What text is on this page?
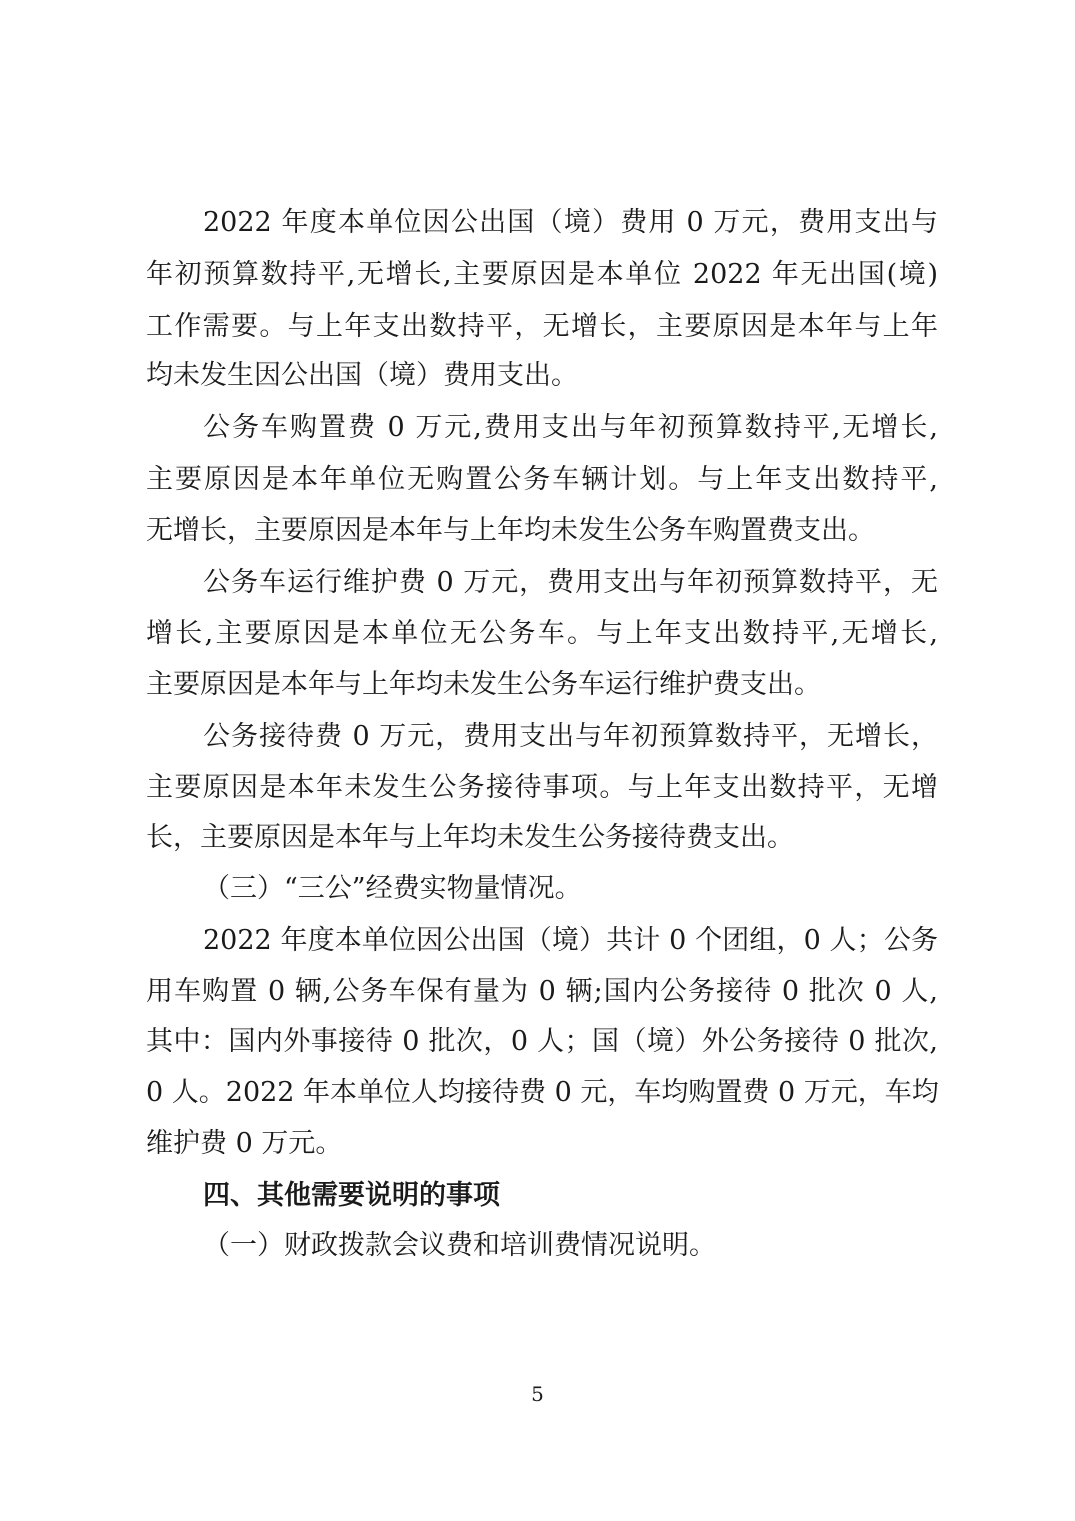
2022 年度本单位因公出国（境）费用 0 万元，费用支出与
年初预算数持平,无增长,主要原因是本单位 2022 年无出国(境)
工作需要。与上年支出数持平，无增长，主要原因是本年与上年
均未发生因公出国（境）费用支出。
公务车购置费 0 万元,费用支出与年初预算数持平,无增长,
主要原因是本年单位无购置公务车辆计划。与上年支出数持平,
无增长，主要原因是本年与上年均未发生公务车购置费支出。
公务车运行维护费 0 万元，费用支出与年初预算数持平，无
增长,主要原因是本单位无公务车。与上年支出数持平,无增长,
主要原因是本年与上年均未发生公务车运行维护费支出。
公务接待费 0 万元，费用支出与年初预算数持平，无增长，
主要原因是本年未发生公务接待事项。与上年支出数持平，无增
长，主要原因是本年与上年均未发生公务接待费支出。
（三）“三公”经费实物量情况。
2022 年度本单位因公出国（境）共计 0 个团组，0 人；公务
用车购置 0 辆,公务车保有量为 0 辆;国内公务接待 0 批次 0 人,
其中：国内外事接待 0 批次，0 人；国（境）外公务接待 0 批次,
0 人。2022 年本单位人均接待费 0 元，车均购置费 0 万元，车均
维护费 0 万元。
四、其他需要说明的事项
（一）财政拨款会议费和培训费情况说明。
5
